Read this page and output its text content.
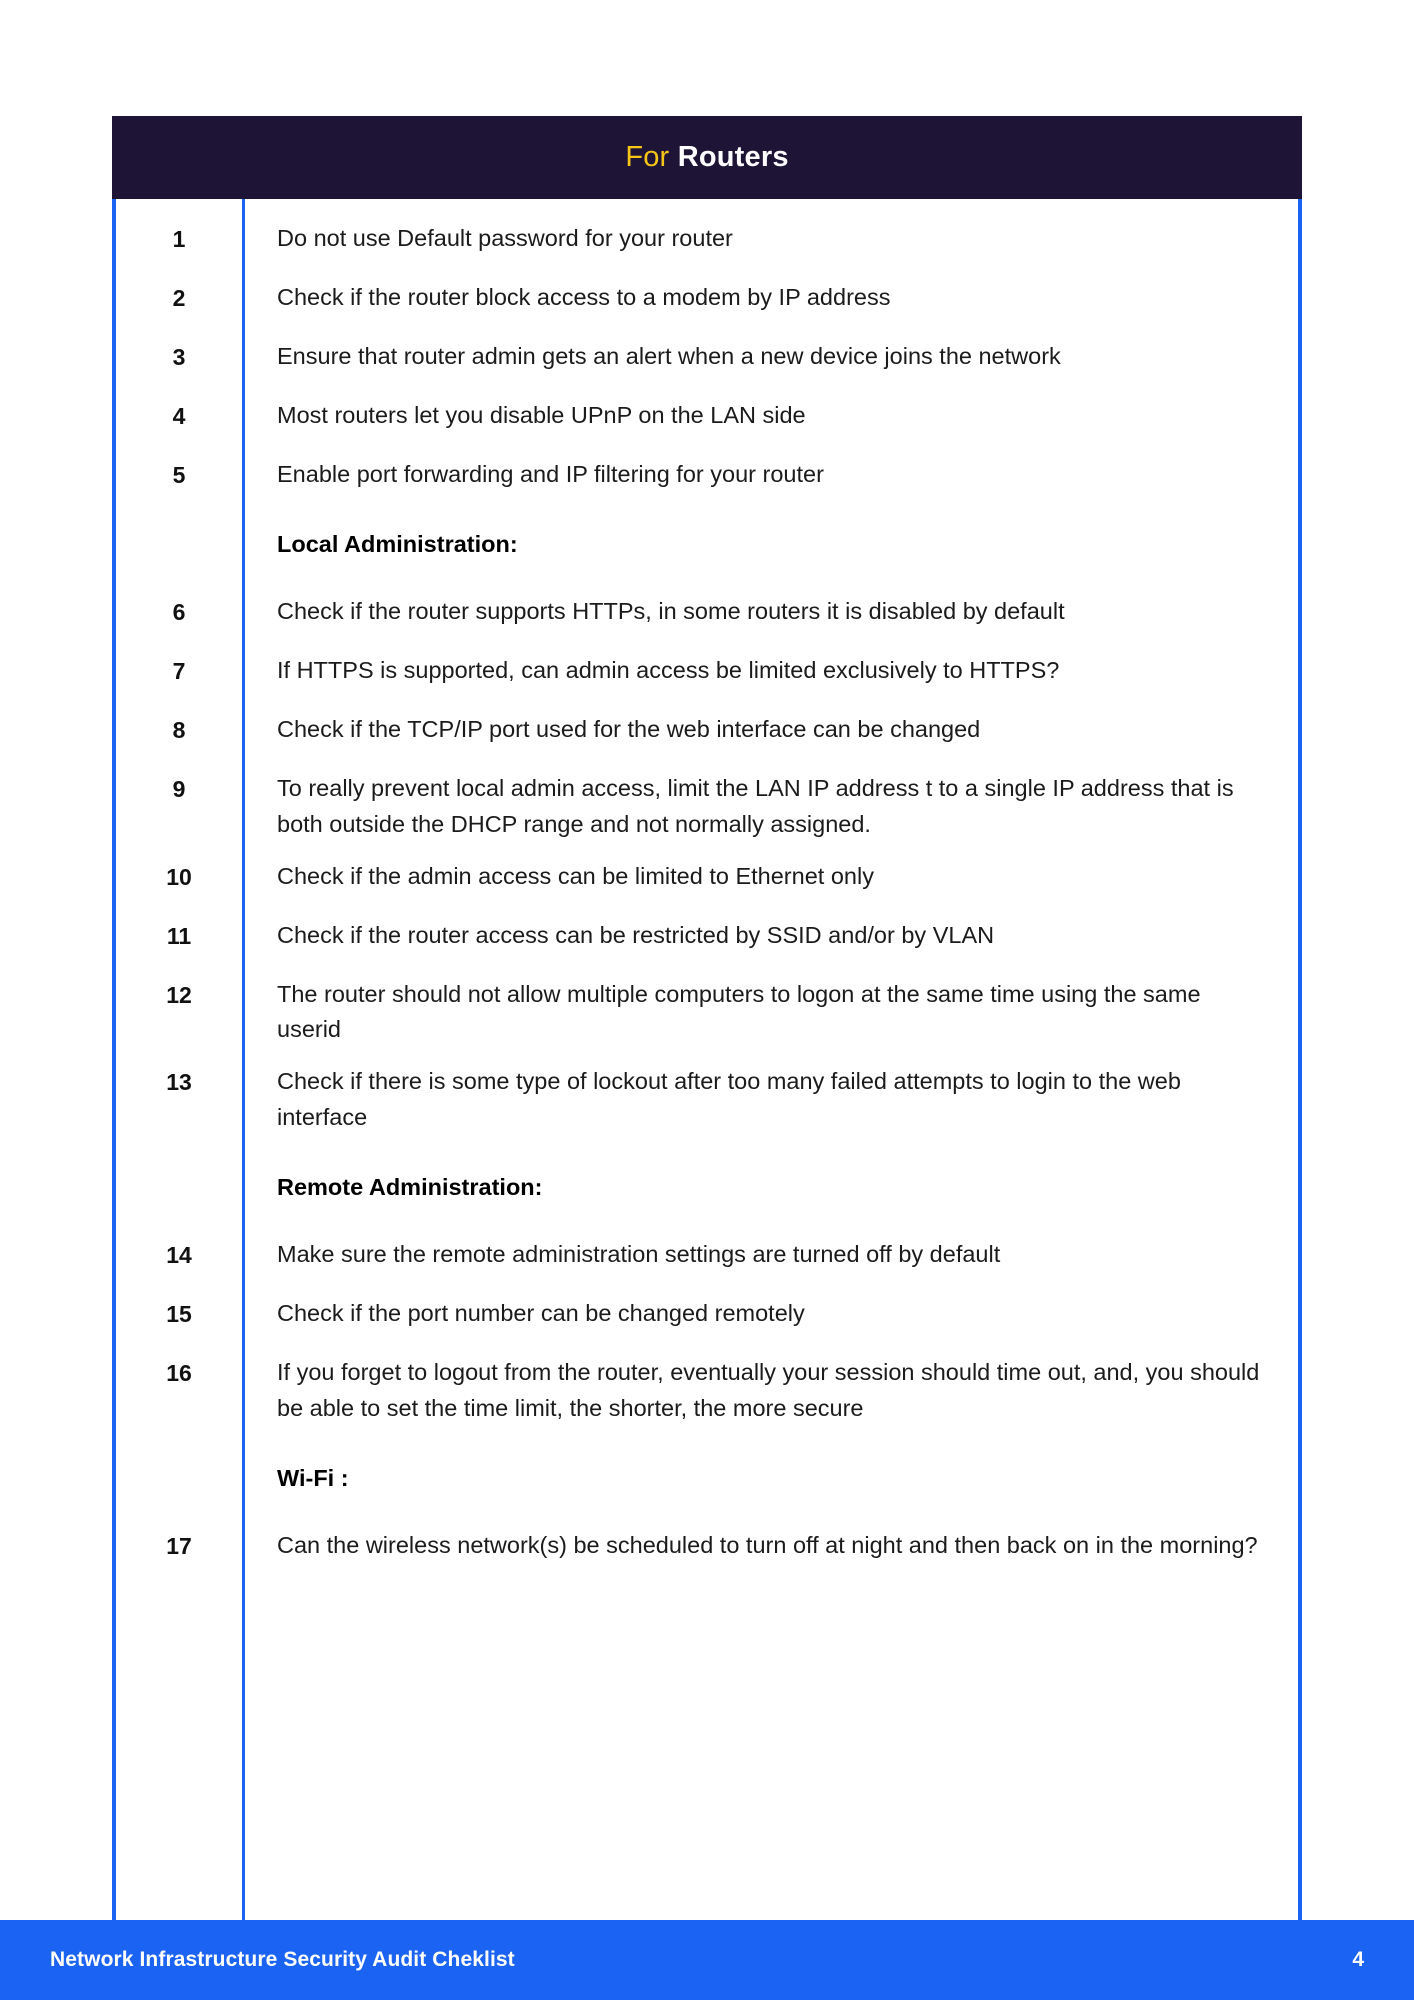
For Routers
1	Do not use Default password for your router
2	Check if the router block access to a modem by IP address
3	Ensure that router admin gets an alert when a new device joins the network
4	Most routers let you disable UPnP on the LAN side
5	Enable port forwarding and IP filtering for your router
Local Administration:
6	Check if the router supports HTTPs, in some routers it is disabled by default
7	If HTTPS is supported, can admin access be limited exclusively to HTTPS?
8	Check if the TCP/IP port used for the web interface can be changed
9	To really prevent local admin access, limit the LAN IP address t to a single IP address that is both outside the DHCP range and not normally assigned.
10	Check if the admin access can be limited to Ethernet only
11	Check if the router access can be restricted by SSID and/or by VLAN
12	The router should not allow multiple computers to logon at the same time using the same userid
13	Check if there is some type of lockout after too many failed attempts to login to the web interface
Remote Administration:
14	Make sure the remote administration settings are turned off by default
15	Check if the port number can be changed remotely
16	If you forget to logout from the router, eventually your session should time out, and, you should be able to set the time limit, the shorter, the more secure
Wi-Fi :
17	Can the wireless network(s) be scheduled to turn off at night and then back on in the morning?
Network Infrastructure Security Audit Cheklist	4
